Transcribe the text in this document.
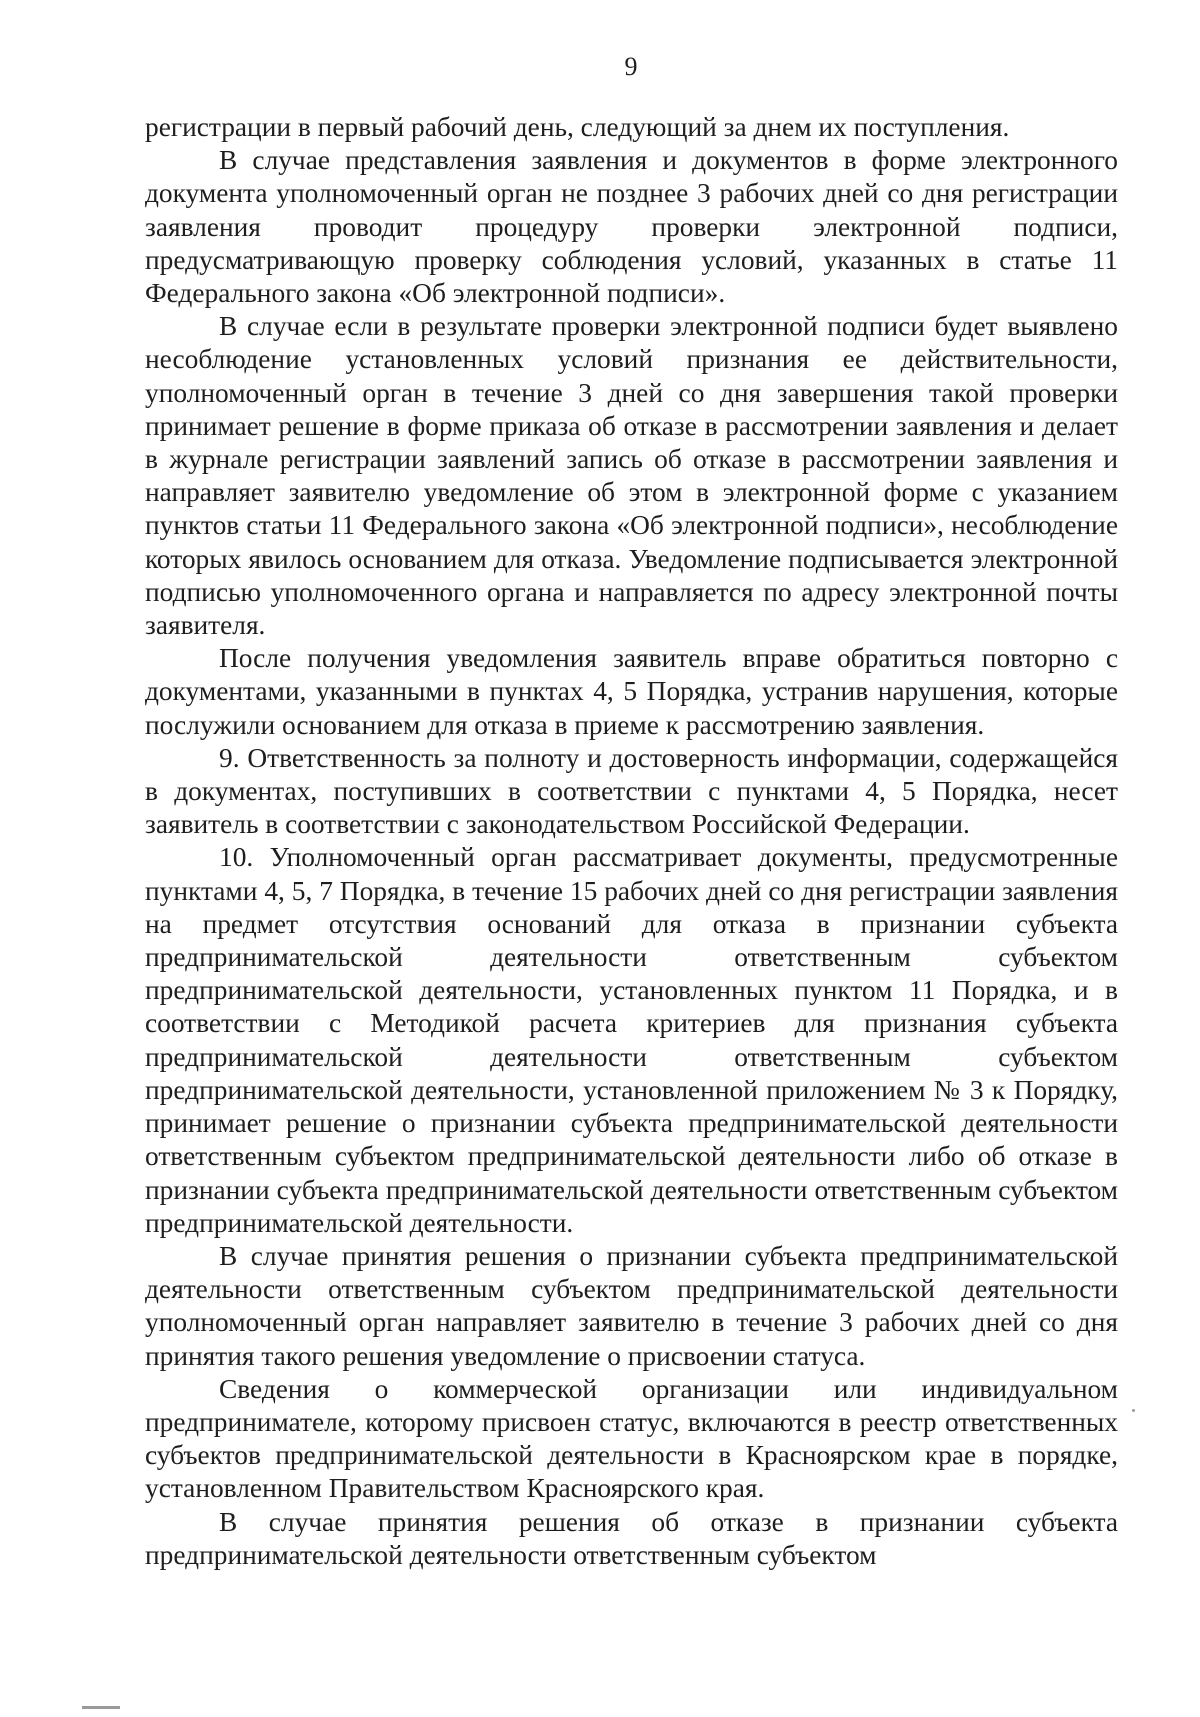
9

регистрации в первый рабочий день, следующий за днем их поступления.

В случае представления заявления и документов в форме электронного документа уполномоченный орган не позднее 3 рабочих дней со дня регистрации заявления проводит процедуру проверки электронной подписи, предусматривающую проверку соблюдения условий, указанных в статье 11 Федерального закона «Об электронной подписи».

В случае если в результате проверки электронной подписи будет выявлено несоблюдение установленных условий признания ее действительности, уполномоченный орган в течение 3 дней со дня завершения такой проверки принимает решение в форме приказа об отказе в рассмотрении заявления и делает в журнале регистрации заявлений запись об отказе в рассмотрении заявления и направляет заявителю уведомление об этом в электронной форме с указанием пунктов статьи 11 Федерального закона «Об электронной подписи», несоблюдение которых явилось основанием для отказа. Уведомление подписывается электронной подписью уполномоченного органа и направляется по адресу электронной почты заявителя.

После получения уведомления заявитель вправе обратиться повторно с документами, указанными в пунктах 4, 5 Порядка, устранив нарушения, которые послужили основанием для отказа в приеме к рассмотрению заявления.

9. Ответственность за полноту и достоверность информации, содержащейся в документах, поступивших в соответствии с пунктами 4, 5 Порядка, несет заявитель в соответствии с законодательством Российской Федерации.

10. Уполномоченный орган рассматривает документы, предусмотренные пунктами 4, 5, 7 Порядка, в течение 15 рабочих дней со дня регистрации заявления на предмет отсутствия оснований для отказа в признании субъекта предпринимательской деятельности ответственным субъектом предпринимательской деятельности, установленных пунктом 11 Порядка, и в соответствии с Методикой расчета критериев для признания субъекта предпринимательской деятельности ответственным субъектом предпринимательской деятельности, установленной приложением № 3 к Порядку, принимает решение о признании субъекта предпринимательской деятельности ответственным субъектом предпринимательской деятельности либо об отказе в признании субъекта предпринимательской деятельности ответственным субъектом предпринимательской деятельности.

В случае принятия решения о признании субъекта предпринимательской деятельности ответственным субъектом предпринимательской деятельности уполномоченный орган направляет заявителю в течение 3 рабочих дней со дня принятия такого решения уведомление о присвоении статуса.

Сведения о коммерческой организации или индивидуальном предпринимателе, которому присвоен статус, включаются в реестр ответственных субъектов предпринимательской деятельности в Красноярском крае в порядке, установленном Правительством Красноярского края.

В случае принятия решения об отказе в признании субъекта предпринимательской деятельности ответственным субъектом
